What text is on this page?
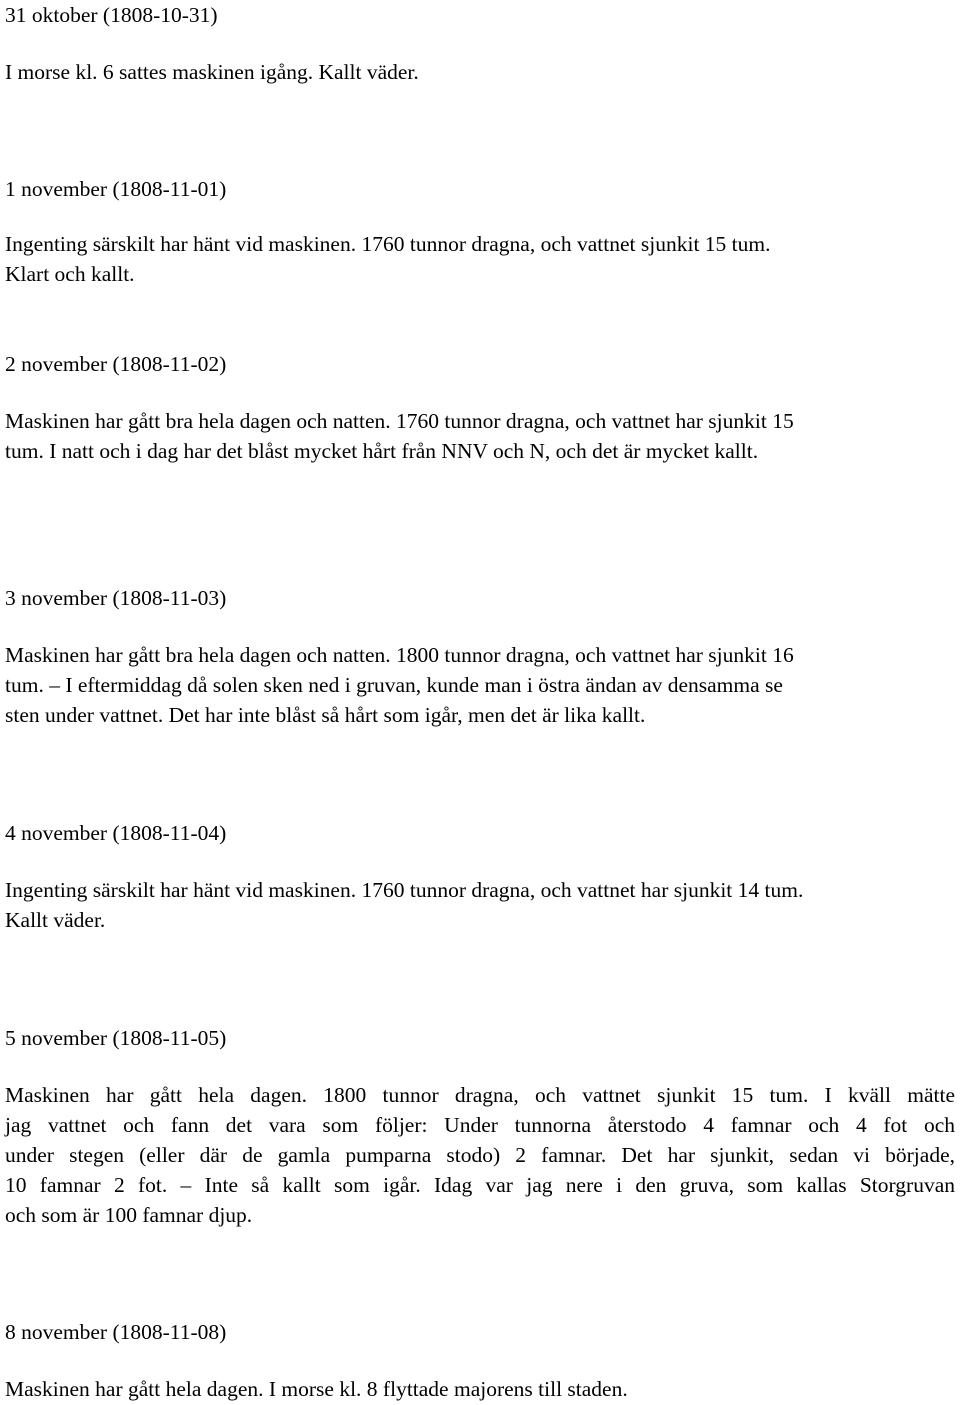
31 oktober (1808-10-31)

I morse kl. 6 sattes maskinen igång. Kallt väder.

1 november (1808-11-01)

Ingenting särskilt har hänt vid maskinen. 1760 tunnor dragna, och vattnet sjunkit 15 tum.
Klart och kallt.

2 november (1808-11-02)

Maskinen har gått bra hela dagen och natten. 1760 tunnor dragna, och vattnet har sjunkit 15
tum. I natt och i dag har det blåst mycket hårt från NNV och N, och det är mycket kallt.

3 november (1808-11-03)

Maskinen har gått bra hela dagen och natten. 1800 tunnor dragna, och vattnet har sjunkit 16
tum. – I eftermiddag då solen sken ned i gruvan, kunde man i östra ändan av densamma se
sten under vattnet. Det har inte blåst så hårt som igår, men det är lika kallt.

4 november (1808-11-04)

Ingenting särskilt har hänt vid maskinen. 1760 tunnor dragna, och vattnet har sjunkit 14 tum.
Kallt väder.

5 november (1808-11-05)

Maskinen har gått hela dagen. 1800 tunnor dragna, och vattnet sjunkit 15 tum. I kväll mätte
jag vattnet och fann det vara som följer: Under tunnorna återstodo 4 famnar och 4 fot och
under stegen (eller där de gamla pumparna stodo) 2 famnar. Det har sjunkit, sedan vi började,
10 famnar 2 fot. – Inte så kallt som igår. Idag var jag nere i den gruva, som kallas Storgruvan
och som är 100 famnar djup.

8 november (1808-11-08)

Maskinen har gått hela dagen. I morse kl. 8 flyttade majorens till staden.
